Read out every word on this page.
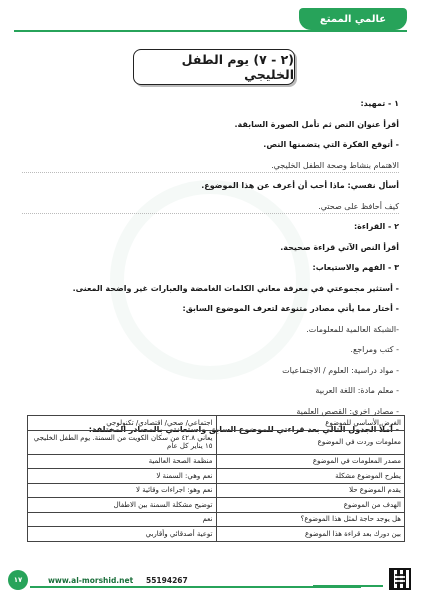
عالمي الممتع
(٢ - ٧) يوم الطفل الخليجي
١ - تمهيد:
أقرأ عنوان النص ثم تأمل الصورة السابقة.
- أتوقع الفكرة التي يتضمنها النص.
الاهتمام بنشاط وصحة الطفل الخليجي.
أسأل نفسي: ماذا أحب أن أعرف عن هذا الموضوع.
كيف أحافظ على صحتي.
٢ - القراءة:
أقرأ النص الآتي قراءة صحيحة.
٣ - الفهم والاستيعاب:
- أستثير مجموعتي في معرفة معاني الكلمات الغامضة والعبارات غير واضحة المعنى.
- أختار مما يأتي مصادر متنوعة لتعرف الموضوع السابق:
-الشبكة العالمية للمعلومات.
- كتب ومراجع.
- مواد دراسية: العلوم / الاجتماعيات
- معلم مادة: اللغة العربية
- مصادر اخرى: القصص العلمية
- أملأ الجدول التالي بعد قراءتي للموضوع السابق واستعانتي بالمصادر المختلفة:
الغرض الأساسي للموضوع	اجتماعي/ صحي/ اقتصادي/ تكنولوجي
معلومات وردت في الموضوع	يعاني ٤٢.٨ من سكان الكويت من السمنة. يوم الطفل الخليجي ١٥ يناير كل عام
مصدر المعلومات في الموضوع	منظمة الصحة العالمية
يطرح الموضوع مشكلة	نعم وهي: السمنة لا
يقدم الموضوع حلا	نعم وهو: اجراءات وقائية لا
الهدف من الموضوع	توضيح مشكلة السمنة بين الاطفال
هل يوجد حاجة لمثل هذا الموضوع؟	نعم
بين دورك بعد قراءة هذا الموضوع	توعية أصدقائي وأقاربي
١٧	www.al-morshid.net 55194267
